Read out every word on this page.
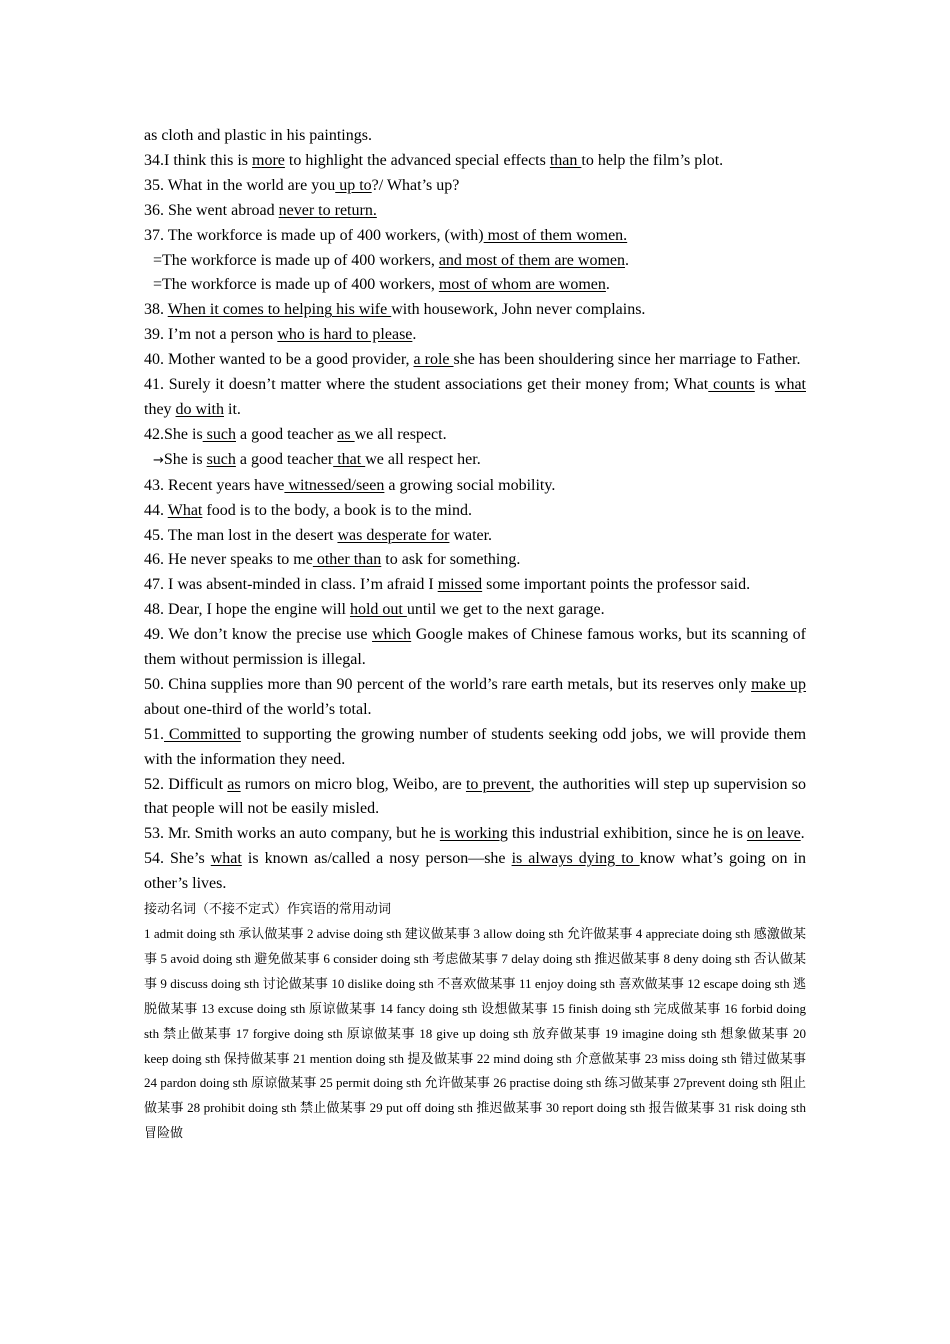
as cloth and plastic in his paintings.

34.I think this is more to highlight the advanced special effects than to help the film’s plot.

35. What in the world are you up to?/ What’s up?

36. She went abroad never to return.

37. The workforce is made up of 400 workers, (with) most of them women.

=The workforce is made up of 400 workers, and most of them are women.

=The workforce is made up of 400 workers, most of whom are women.

38. When it comes to helping his wife with housework, John never complains.

39. I’m not a person who is hard to please.

40. Mother wanted to be a good provider, a role she has been shouldering since her marriage to Father.

41. Surely it doesn’t matter where the student associations get their money from; What counts is what they do with it.

42.She is such a good teacher as we all respect.

→She is such a good teacher that we all respect her.

43. Recent years have witnessed/seen a growing social mobility.

44. What food is to the body, a book is to the mind.

45. The man lost in the desert was desperate for water.

46. He never speaks to me other than to ask for something.

47. I was absent-minded in class. I’m afraid I missed some important points the professor said.

48. Dear, I hope the engine will hold out until we get to the next garage.

49. We don’t know the precise use which Google makes of Chinese famous works, but its scanning of them without permission is illegal.

50. China supplies more than 90 percent of the world’s rare earth metals, but its reserves only make up about one-third of the world’s total.

51. Committed to supporting the growing number of students seeking odd jobs, we will provide them with the information they need.

52. Difficult as rumors on micro blog, Weibo, are to prevent, the authorities will step up supervision so that people will not be easily misled.

53. Mr. Smith works an auto company, but he is working this industrial exhibition, since he is on leave.

54. She’s what is known as/called a nosy person—she is always dying to know what’s going on in other’s lives.

接动名词（不接不定式）作宾语的常用动词

1 admit doing sth 承认做某事 2 advise doing sth 建议做某事 3 allow doing sth 允许做某事 4 appreciate doing sth 感激做某事 5 avoid doing sth 避免做某事 6 consider doing sth 考虑做某事 7 delay doing sth 推迟做某事 8 deny doing sth 否认做某事 9 discuss doing sth 讨论做某事 10 dislike doing sth 不喜欢做某事 11 enjoy doing sth 喜欢做某事 12 escape doing sth 逃脱做某事 13 excuse doing sth 原谅做某事 14 fancy doing sth 设想做某事 15 finish doing sth 完成做某事 16 forbid doing sth 禁止做某事 17 forgive doing sth 原谅做某事 18 give up doing sth 放弃做某事 19 imagine doing sth 想象做某事 20 keep doing sth 保持做某事 21 mention doing sth 提及做某事 22 mind doing sth 介意做某事 23 miss doing sth 错过做某事 24 pardon doing sth 原谅做某事 25 permit doing sth 允许做某事 26 practise doing sth 练习做某事 27prevent doing sth 阻止做某事 28 prohibit doing sth 禁止做某事 29 put off doing sth 推迟做某事 30 report doing sth 报告做某事 31 risk doing sth 冒险做
